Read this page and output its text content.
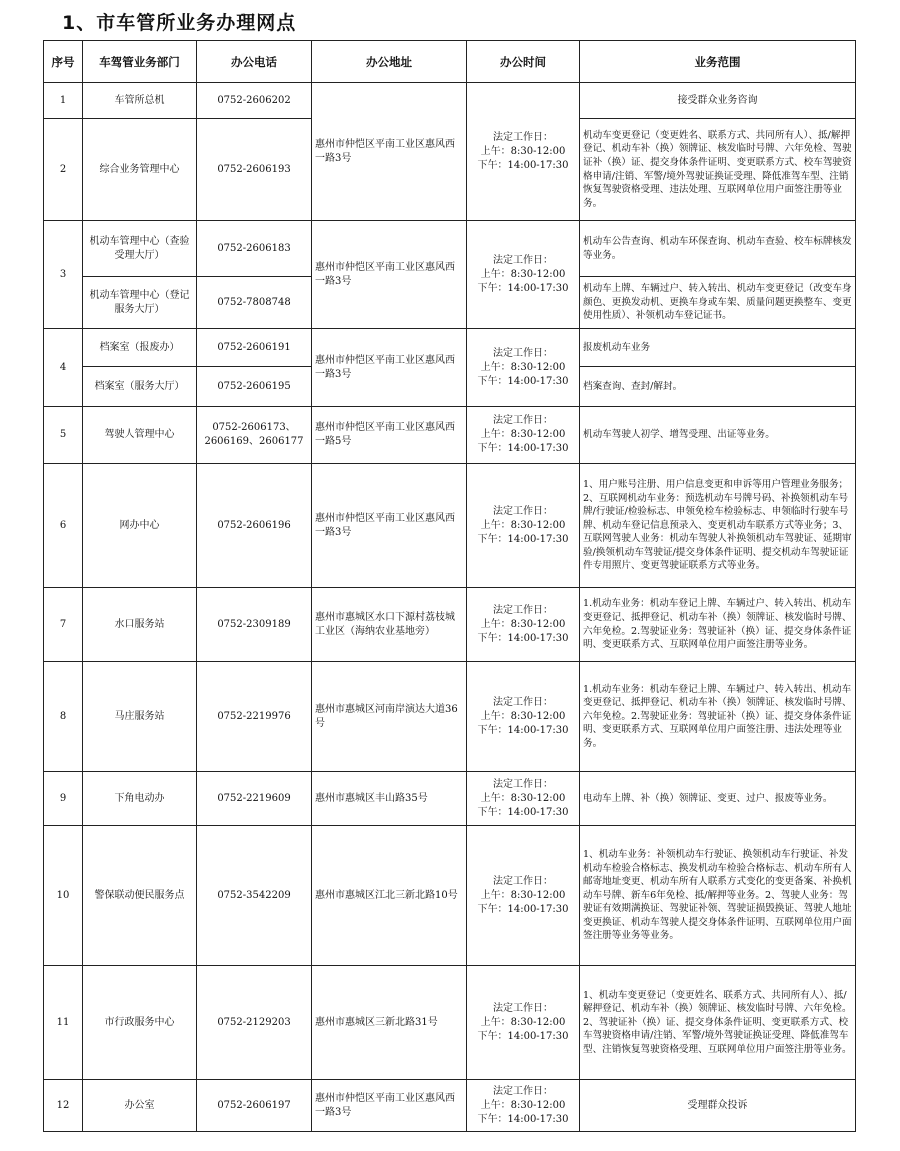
1、市车管所业务办理网点
序号	车驾管业务部门	办公电话	办公地址	办公时间	业务范围
1	车管所总机	0752-2606202	惠州市仲恺区平南工业区惠风西一路3号	法定工作日：
上午：8:30-12:00
下午：14:00-17:30	接受群众业务咨询
2	综合业务管理中心	0752-2606193			机动车变更登记（变更姓名、联系方式、共同所有人）、抵/解押登记、机动车补（换）领牌证、核发临时号牌、六年免检、驾驶证补（换）证、提交身体条件证明、变更联系方式、校车驾驶资格申请/注销、军警/境外驾驶证换证受理、降低准驾车型、注销恢复驾驶资格受理、违法处理、互联网单位用户面签注册等业务。
3	机动车管理中心（查验受理大厅）	0752-2606183	惠州市仲恺区平南工业区惠风西一路3号	法定工作日：
上午：8:30-12:00
下午：14:00-17:30	机动车公告查询、机动车环保查询、机动车查验、校车标牌核发等业务。
	机动车管理中心（登记服务大厅）	0752-7808748			机动车上牌、车辆过户、转入转出、机动车变更登记（改变车身颜色、更换发动机、更换车身或车架、质量问题更换整车、变更使用性质）、补领机动车登记证书。
4	档案室（报废办）	0752-2606191	惠州市仲恺区平南工业区惠风西一路3号	法定工作日：
上午：8:30-12:00
下午：14:00-17:30	报废机动车业务
	档案室（服务大厅）	0752-2606195			档案查询、查封/解封。
5	驾驶人管理中心	0752-2606173、2606169、2606177	惠州市仲恺区平南工业区惠风西一路5号	法定工作日：
上午：8:30-12:00
下午：14:00-17:30	机动车驾驶人初学、增驾受理、出证等业务。
6	网办中心	0752-2606196	惠州市仲恺区平南工业区惠风西一路3号	法定工作日：
上午：8:30-12:00
下午：14:00-17:30	1、用户账号注册、用户信息变更和申诉等用户管理业务服务；2、互联网机动车业务：预选机动车号牌号码、补换领机动车号牌/行驶证/检验标志、申领免检车检验标志、申领临时行驶车号牌、机动车登记信息预录入、变更机动车联系方式等业务；3、互联网驾驶人业务：机动车驾驶人补换领机动车驾驶证、延期审验/换领机动车驾驶证/提交身体条件证明、提交机动车驾驶证证件专用照片、变更驾驶证联系方式等业务。
7	水口服务站	0752-2309189	惠州市惠城区水口下源村荔枝城工业区（海纳农业基地旁）	法定工作日：
上午：8:30-12:00
下午：14:00-17:30	1.机动车业务：机动车登记上牌、车辆过户、转入转出、机动车变更登记、抵押登记、机动车补（换）领牌证、核发临时号牌、六年免检。2.驾驶证业务：驾驶证补（换）证、提交身体条件证明、变更联系方式、互联网单位用户面签注册等业务。
8	马庄服务站	0752-2219976	惠州市惠城区河南岸演达大道36号	法定工作日：
上午：8:30-12:00
下午：14:00-17:30	1.机动车业务：机动车登记上牌、车辆过户、转入转出、机动车变更登记、抵押登记、机动车补（换）领牌证、核发临时号牌、六年免检。2.驾驶证业务：驾驶证补（换）证、提交身体条件证明、变更联系方式、互联网单位用户面签注册、违法处理等业务。
9	下角电动办	0752-2219609	惠州市惠城区丰山路35号	法定工作日：
上午：8:30-12:00
下午：14:00-17:30	电动车上牌、补（换）领牌证、变更、过户、报废等业务。
10	警保联动便民服务点	0752-3542209	惠州市惠城区江北三新北路10号	法定工作日：
上午：8:30-12:00
下午：14:00-17:30	1、机动车业务：补领机动车行驶证、换领机动车行驶证、补发机动车检验合格标志、换发机动车检验合格标志、机动车所有人邮寄地址变更、机动车所有人联系方式变化的变更备案、补换机动车号牌、新车6年免检、抵/解押等业务。2、驾驶人业务：驾驶证有效期满换证、驾驶证补领、驾驶证损毁换证、驾驶人地址变更换证、机动车驾驶人提交身体条件证明、互联网单位用户面签注册等业务等业务。
11	市行政服务中心	0752-2129203	惠州市惠城区三新北路31号	法定工作日：
上午：8:30-12:00
下午：14:00-17:30	1、机动车变更登记（变更姓名、联系方式、共同所有人）、抵/解押登记、机动车补（换）领牌证、核发临时号牌、六年免检。2、驾驶证补（换）证、提交身体条件证明、变更联系方式、校车驾驶资格申请/注销、军警/境外驾驶证换证受理、降低准驾车型、注销恢复驾驶资格受理、互联网单位用户面签注册等业务。
12	办公室	0752-2606197	惠州市仲恺区平南工业区惠风西一路3号	法定工作日：
上午：8:30-12:00
下午：14:00-17:30	受理群众投诉
